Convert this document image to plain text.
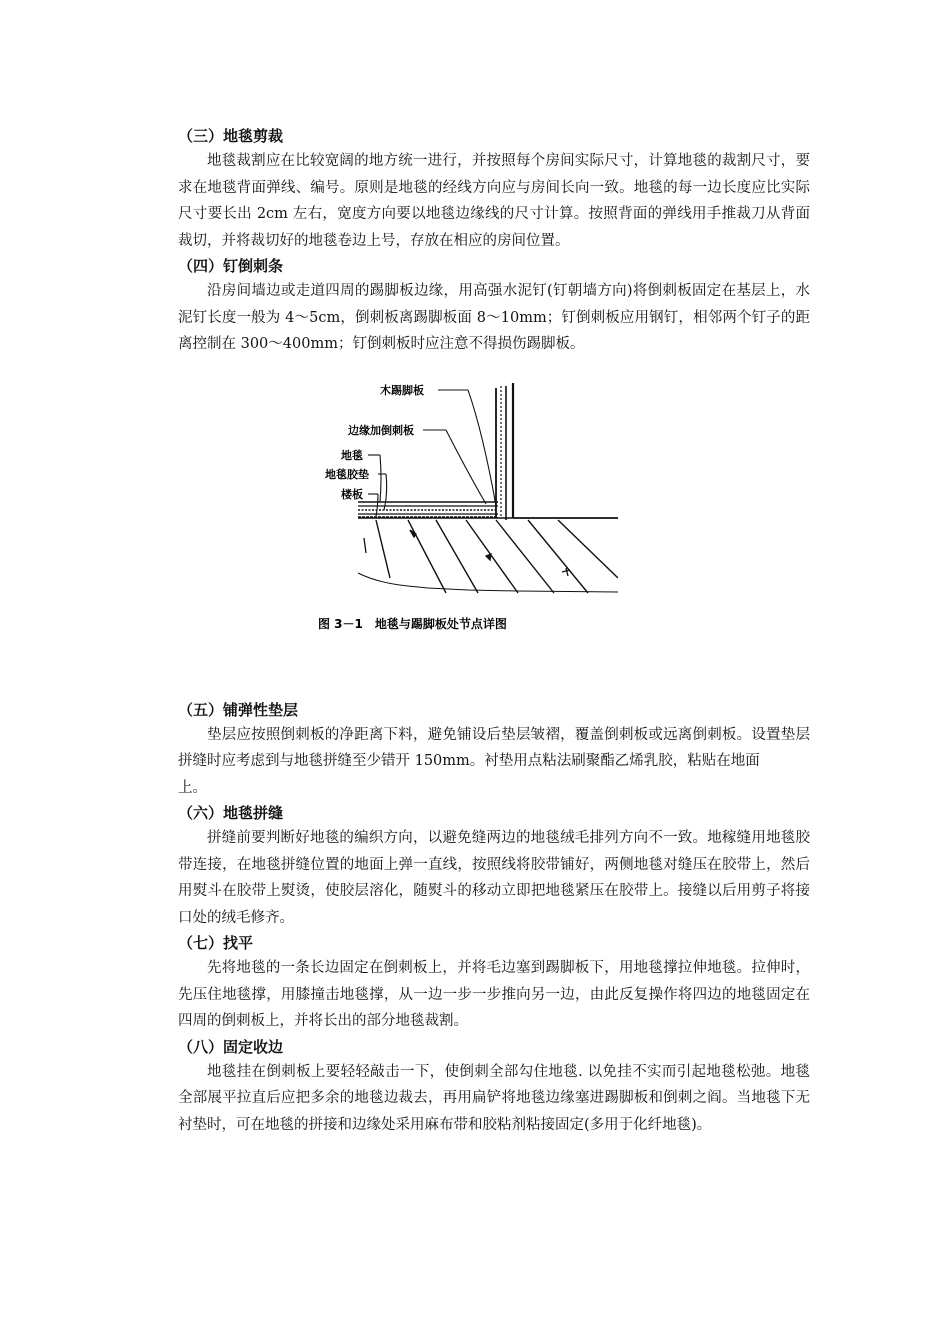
（三）地毯剪裁

地毯裁割应在比较宽阔的地方统一进行，并按照每个房间实际尺寸，计算地毯的裁割尺寸，要求在地毯背面弹线、编号。原则是地毯的经线方向应与房间长向一致。地毯的每一边长度应比实际尺寸要长出 2cm 左右，宽度方向要以地毯边缘线的尺寸计算。按照背面的弹线用手推裁刀从背面裁切，并将裁切好的地毯卷边上号，存放在相应的房间位置。

（四）钉倒刺条

沿房间墙边或走道四周的踢脚板边缘，用高强水泥钉(钉朝墙方向)将倒刺板固定在基层上，水泥钉长度一般为 4～5cm，倒刺板离踢脚板面 8～10mm；钉倒刺板应用钢钉，相邻两个钉子的距离控制在 300～400mm；钉倒刺板时应注意不得损伤踢脚板。

木踢脚板
边缘加倒刺板
地毯
地毯胶垫
楼板
图 3－1　地毯与踢脚板处节点详图
（五）铺弹性垫层

垫层应按照倒刺板的净距离下料，避免铺设后垫层皱褶，覆盖倒刺板或远离倒刺板。设置垫层拼缝时应考虑到与地毯拼缝至少错开 150mm。衬垫用点粘法刷聚酯乙烯乳胶，粘贴在地面

上。

（六）地毯拼缝

拼缝前要判断好地毯的编织方向，以避免缝两边的地毯绒毛排列方向不一致。地稼缝用地毯胶带连接，在地毯拼缝位置的地面上弹一直线，按照线将胶带铺好，两侧地毯对缝压在胶带上，然后用熨斗在胶带上熨烫，使胶层溶化，随熨斗的移动立即把地毯紧压在胶带上。接缝以后用剪子将接口处的绒毛修齐。

（七）找平

先将地毯的一条长边固定在倒刺板上，并将毛边塞到踢脚板下，用地毯撑拉伸地毯。拉伸时，先压住地毯撑，用膝撞击地毯撑，从一边一步一步推向另一边，由此反复操作将四边的地毯固定在四周的倒刺板上，并将长出的部分地毯裁割。

（八）固定收边

地毯挂在倒刺板上要轻轻敲击一下，使倒刺全部勾住地毯. 以免挂不实而引起地毯松弛。地毯全部展平拉直后应把多余的地毯边裁去，再用扁铲将地毯边缘塞进踢脚板和倒刺之阎。当地毯下无衬垫时，可在地毯的拼接和边缘处采用麻布带和胶粘剂粘接固定(多用于化纤地毯)。
